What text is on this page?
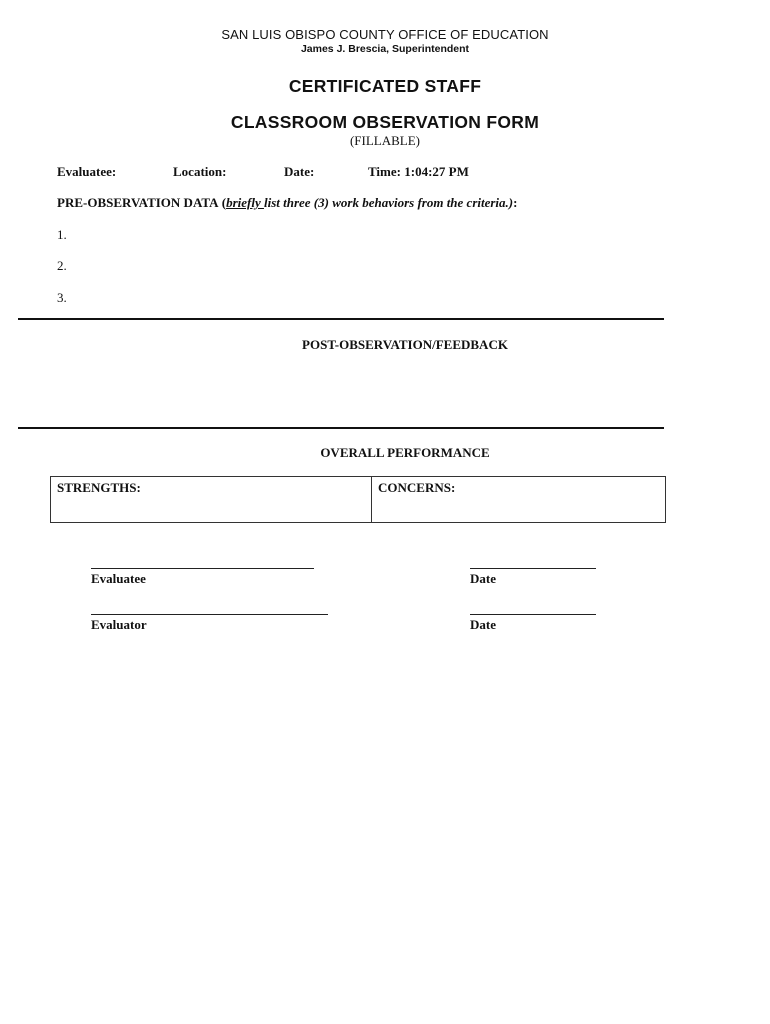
SAN LUIS OBISPO COUNTY OFFICE OF EDUCATION
James J. Brescia, Superintendent
CERTIFICATED STAFF
CLASSROOM OBSERVATION FORM
(FILLABLE)
Evaluatee:	Location:	Date:	Time: 1:04:27 PM
PRE-OBSERVATION DATA (briefly list three (3) work behaviors from the criteria.):
1.
2.
3.
POST-OBSERVATION/FEEDBACK
OVERALL PERFORMANCE
STRENGTHS:	CONCERNS:
Evaluatee	Date
Evaluator	Date
